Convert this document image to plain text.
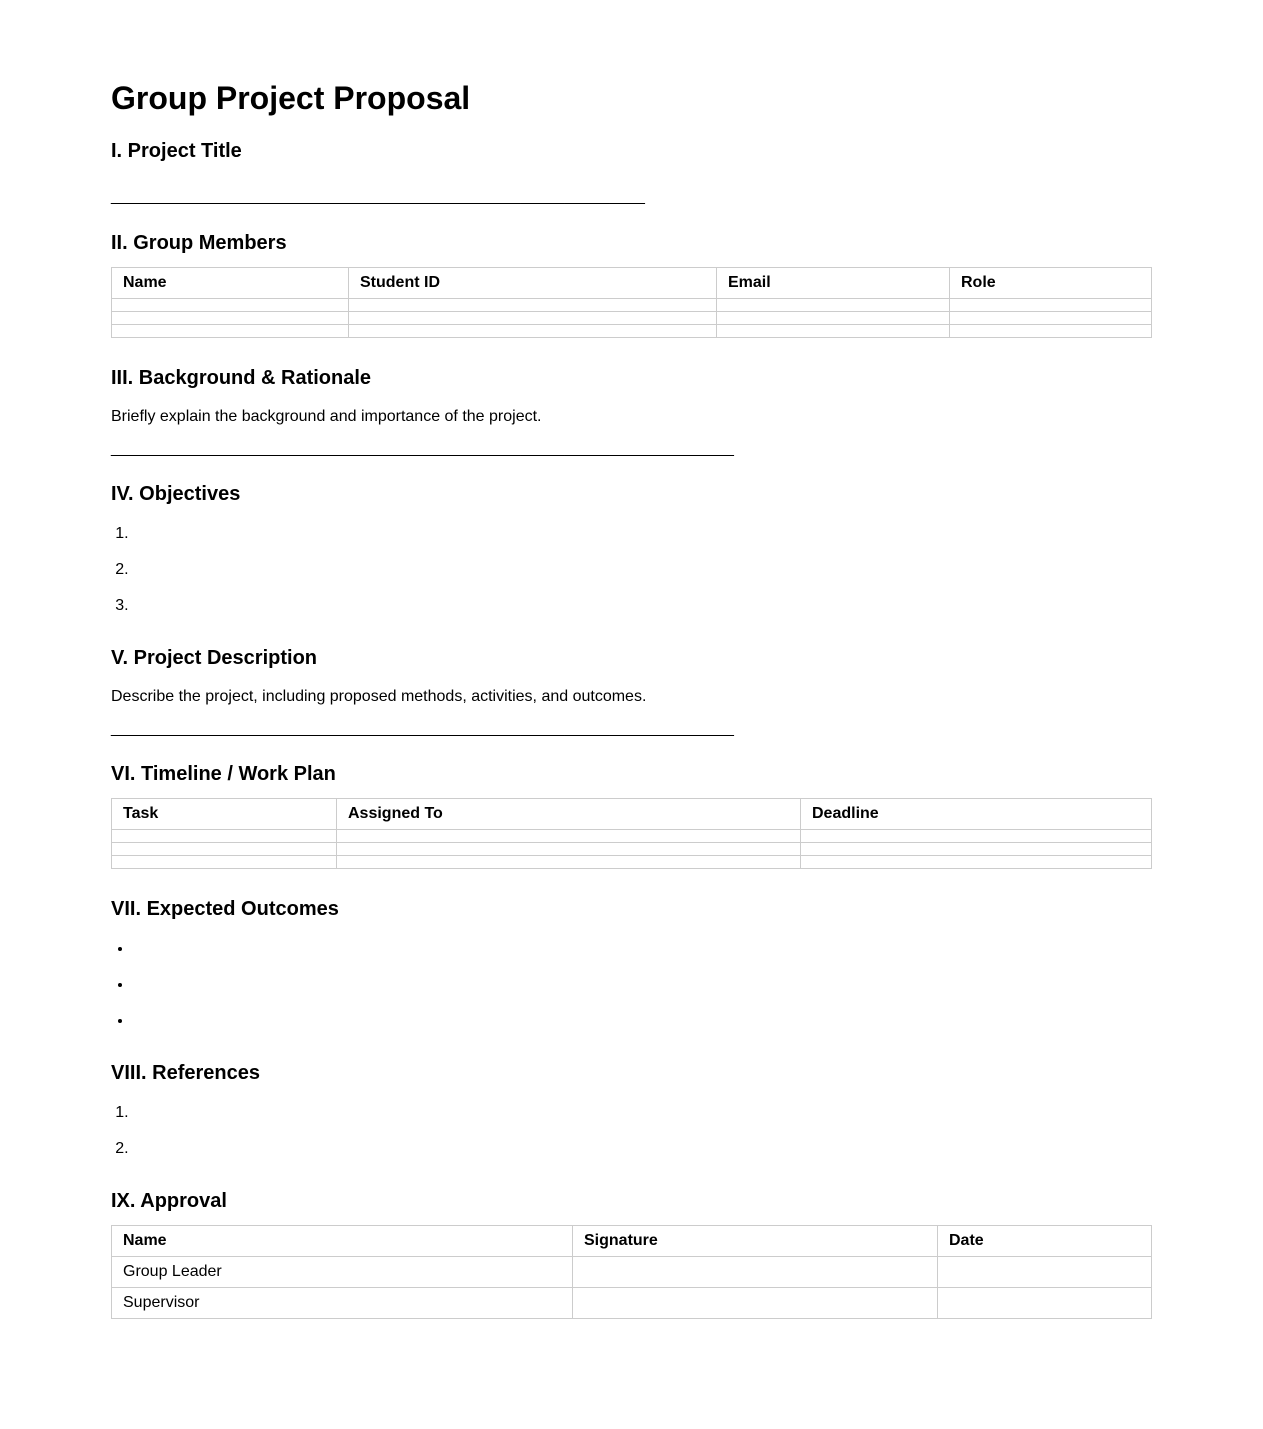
Group Project Proposal
I. Project Title
____________________________________________________________
II. Group Members
Name	Student ID	Email	Role

III. Background & Rationale

Briefly explain the background and importance of the project.

______________________________________________________________________
IV. Objectives
1.
2.
3.
V. Project Description

Describe the project, including proposed methods, activities, and outcomes.

______________________________________________________________________
VI. Timeline / Work Plan
Task	Assigned To	Deadline

VII. Expected Outcomes
•
•
•
VIII. References
1.
2.
IX. Approval
Name	Signature	Date
Group Leader		
Supervisor		
